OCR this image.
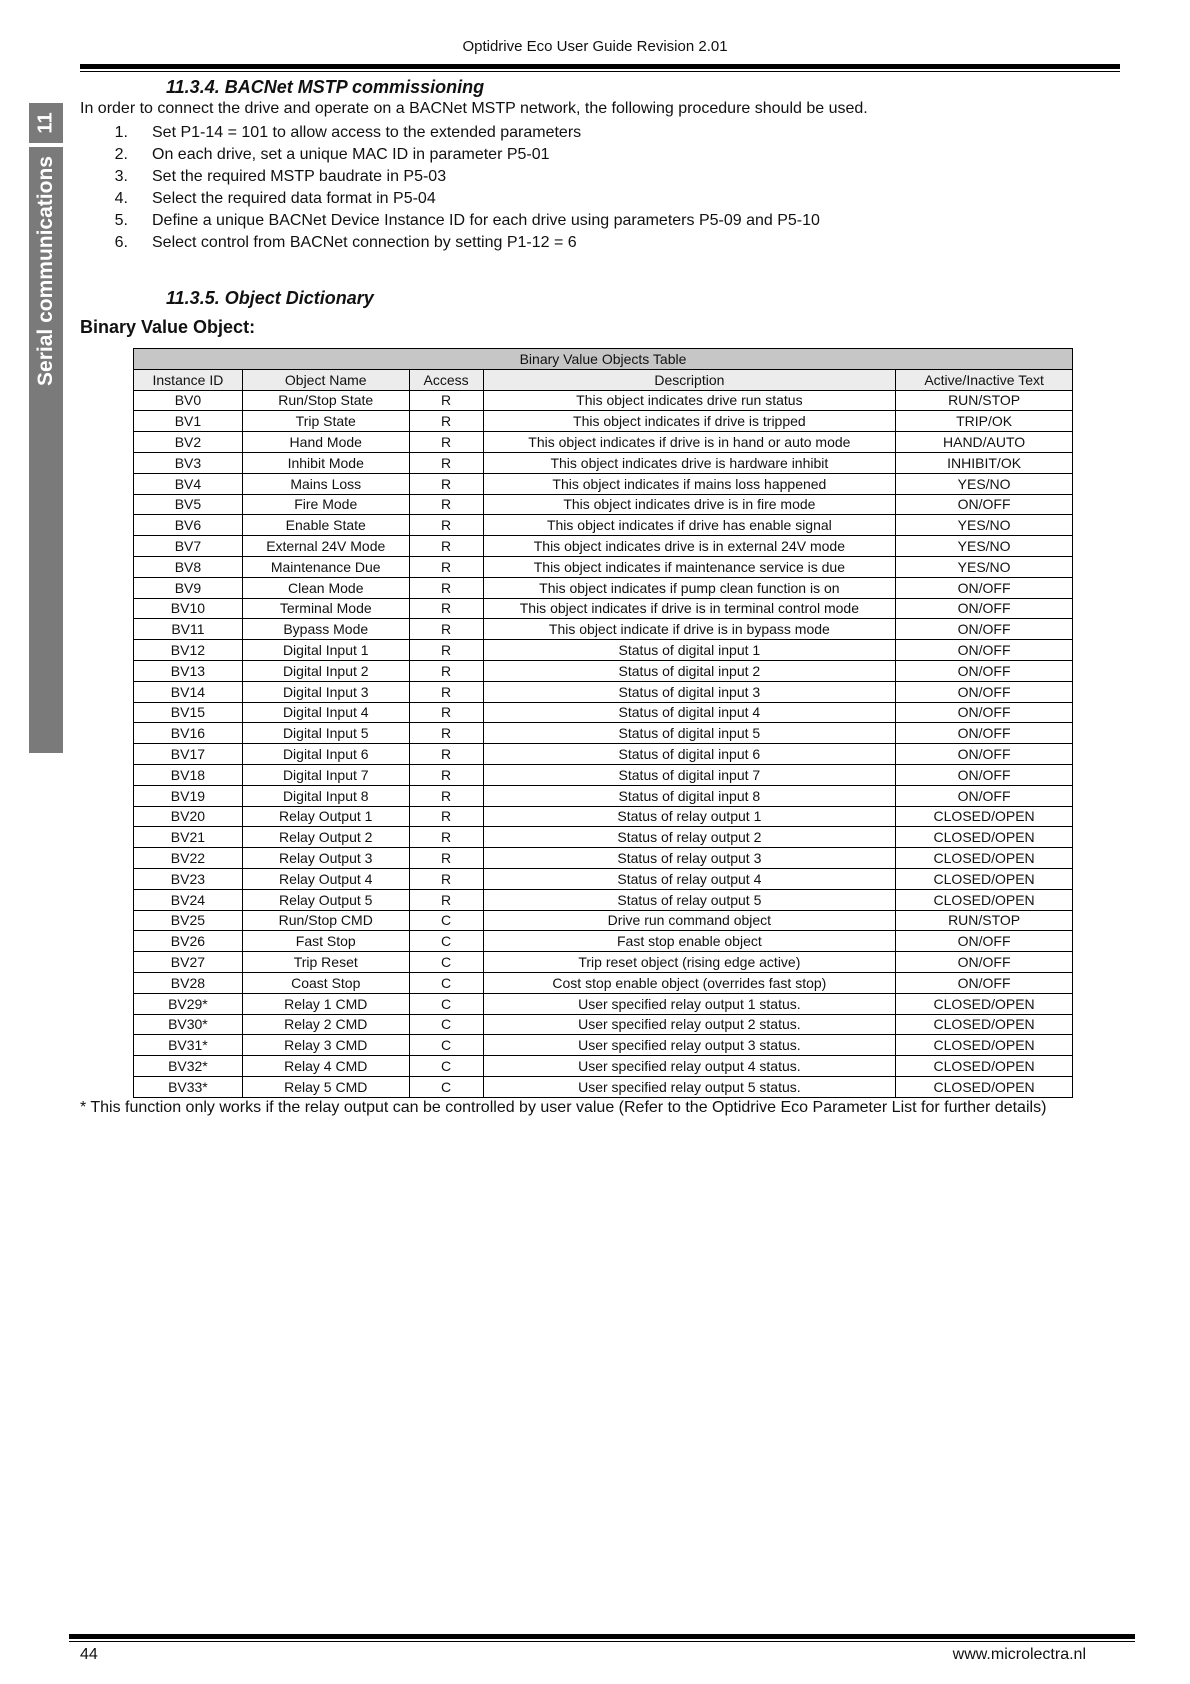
Optidrive Eco User Guide Revision 2.01
11
Serial communications
11.3.4. BACNet MSTP commissioning
In order to connect the drive and operate on a BACNet MSTP network, the following procedure should be used.
1.	Set P1-14 = 101 to allow access to the extended parameters
2.	On each drive, set a unique MAC ID in parameter P5-01
3.	Set the required MSTP baudrate in P5-03
4.	Select the required data format in P5-04
5.	Define a unique BACNet Device Instance ID for each drive using parameters P5-09 and P5-10
6.	Select control from BACNet connection by setting P1-12 = 6
11.3.5. Object Dictionary
Binary Value Object:
Binary Value Objects Table				
Instance ID	Object Name	Access	Description	Active/Inactive Text
BV0	Run/Stop State	R	This object indicates drive run status	RUN/STOP
BV1	Trip State	R	This object indicates if drive is tripped	TRIP/OK
BV2	Hand Mode	R	This object indicates if drive is in hand or auto mode	HAND/AUTO
BV3	Inhibit Mode	R	This object indicates drive is hardware inhibit	INHIBIT/OK
BV4	Mains Loss	R	This object indicates if mains loss happened	YES/NO
BV5	Fire Mode	R	This object indicates drive is in fire mode	ON/OFF
BV6	Enable State	R	This object indicates if drive has enable signal	YES/NO
BV7	External 24V Mode	R	This object indicates drive is in external 24V mode	YES/NO
BV8	Maintenance Due	R	This object indicates if maintenance service is due	YES/NO
BV9	Clean Mode	R	This object indicates if pump clean function is on	ON/OFF
BV10	Terminal Mode	R	This object indicates if drive is in terminal control mode	ON/OFF
BV11	Bypass Mode	R	This object indicate if drive is in bypass mode	ON/OFF
BV12	Digital Input 1	R	Status of digital input 1	ON/OFF
BV13	Digital Input 2	R	Status of digital input 2	ON/OFF
BV14	Digital Input 3	R	Status of digital input 3	ON/OFF
BV15	Digital Input 4	R	Status of digital input 4	ON/OFF
BV16	Digital Input 5	R	Status of digital input 5	ON/OFF
BV17	Digital Input 6	R	Status of digital input 6	ON/OFF
BV18	Digital Input 7	R	Status of digital input 7	ON/OFF
BV19	Digital Input 8	R	Status of digital input 8	ON/OFF
BV20	Relay Output 1	R	Status of relay output 1	CLOSED/OPEN
BV21	Relay Output 2	R	Status of relay output 2	CLOSED/OPEN
BV22	Relay Output 3	R	Status of relay output 3	CLOSED/OPEN
BV23	Relay Output 4	R	Status of relay output 4	CLOSED/OPEN
BV24	Relay Output 5	R	Status of relay output 5	CLOSED/OPEN
BV25	Run/Stop CMD	C	Drive run command object	RUN/STOP
BV26	Fast Stop	C	Fast stop enable object	ON/OFF
BV27	Trip Reset	C	Trip reset object (rising edge active)	ON/OFF
BV28	Coast Stop	C	Cost stop enable object (overrides fast stop)	ON/OFF
BV29*	Relay 1 CMD	C	User specified relay output 1 status.	CLOSED/OPEN
BV30*	Relay 2 CMD	C	User specified relay output 2 status.	CLOSED/OPEN
BV31*	Relay 3 CMD	C	User specified relay output 3 status.	CLOSED/OPEN
BV32*	Relay 4 CMD	C	User specified relay output 4 status.	CLOSED/OPEN
BV33*	Relay 5 CMD	C	User specified relay output 5 status.	CLOSED/OPEN
* This function only works if the relay output can be controlled by user value (Refer to the Optidrive Eco Parameter List for further details)
44	www.microlectra.nl
